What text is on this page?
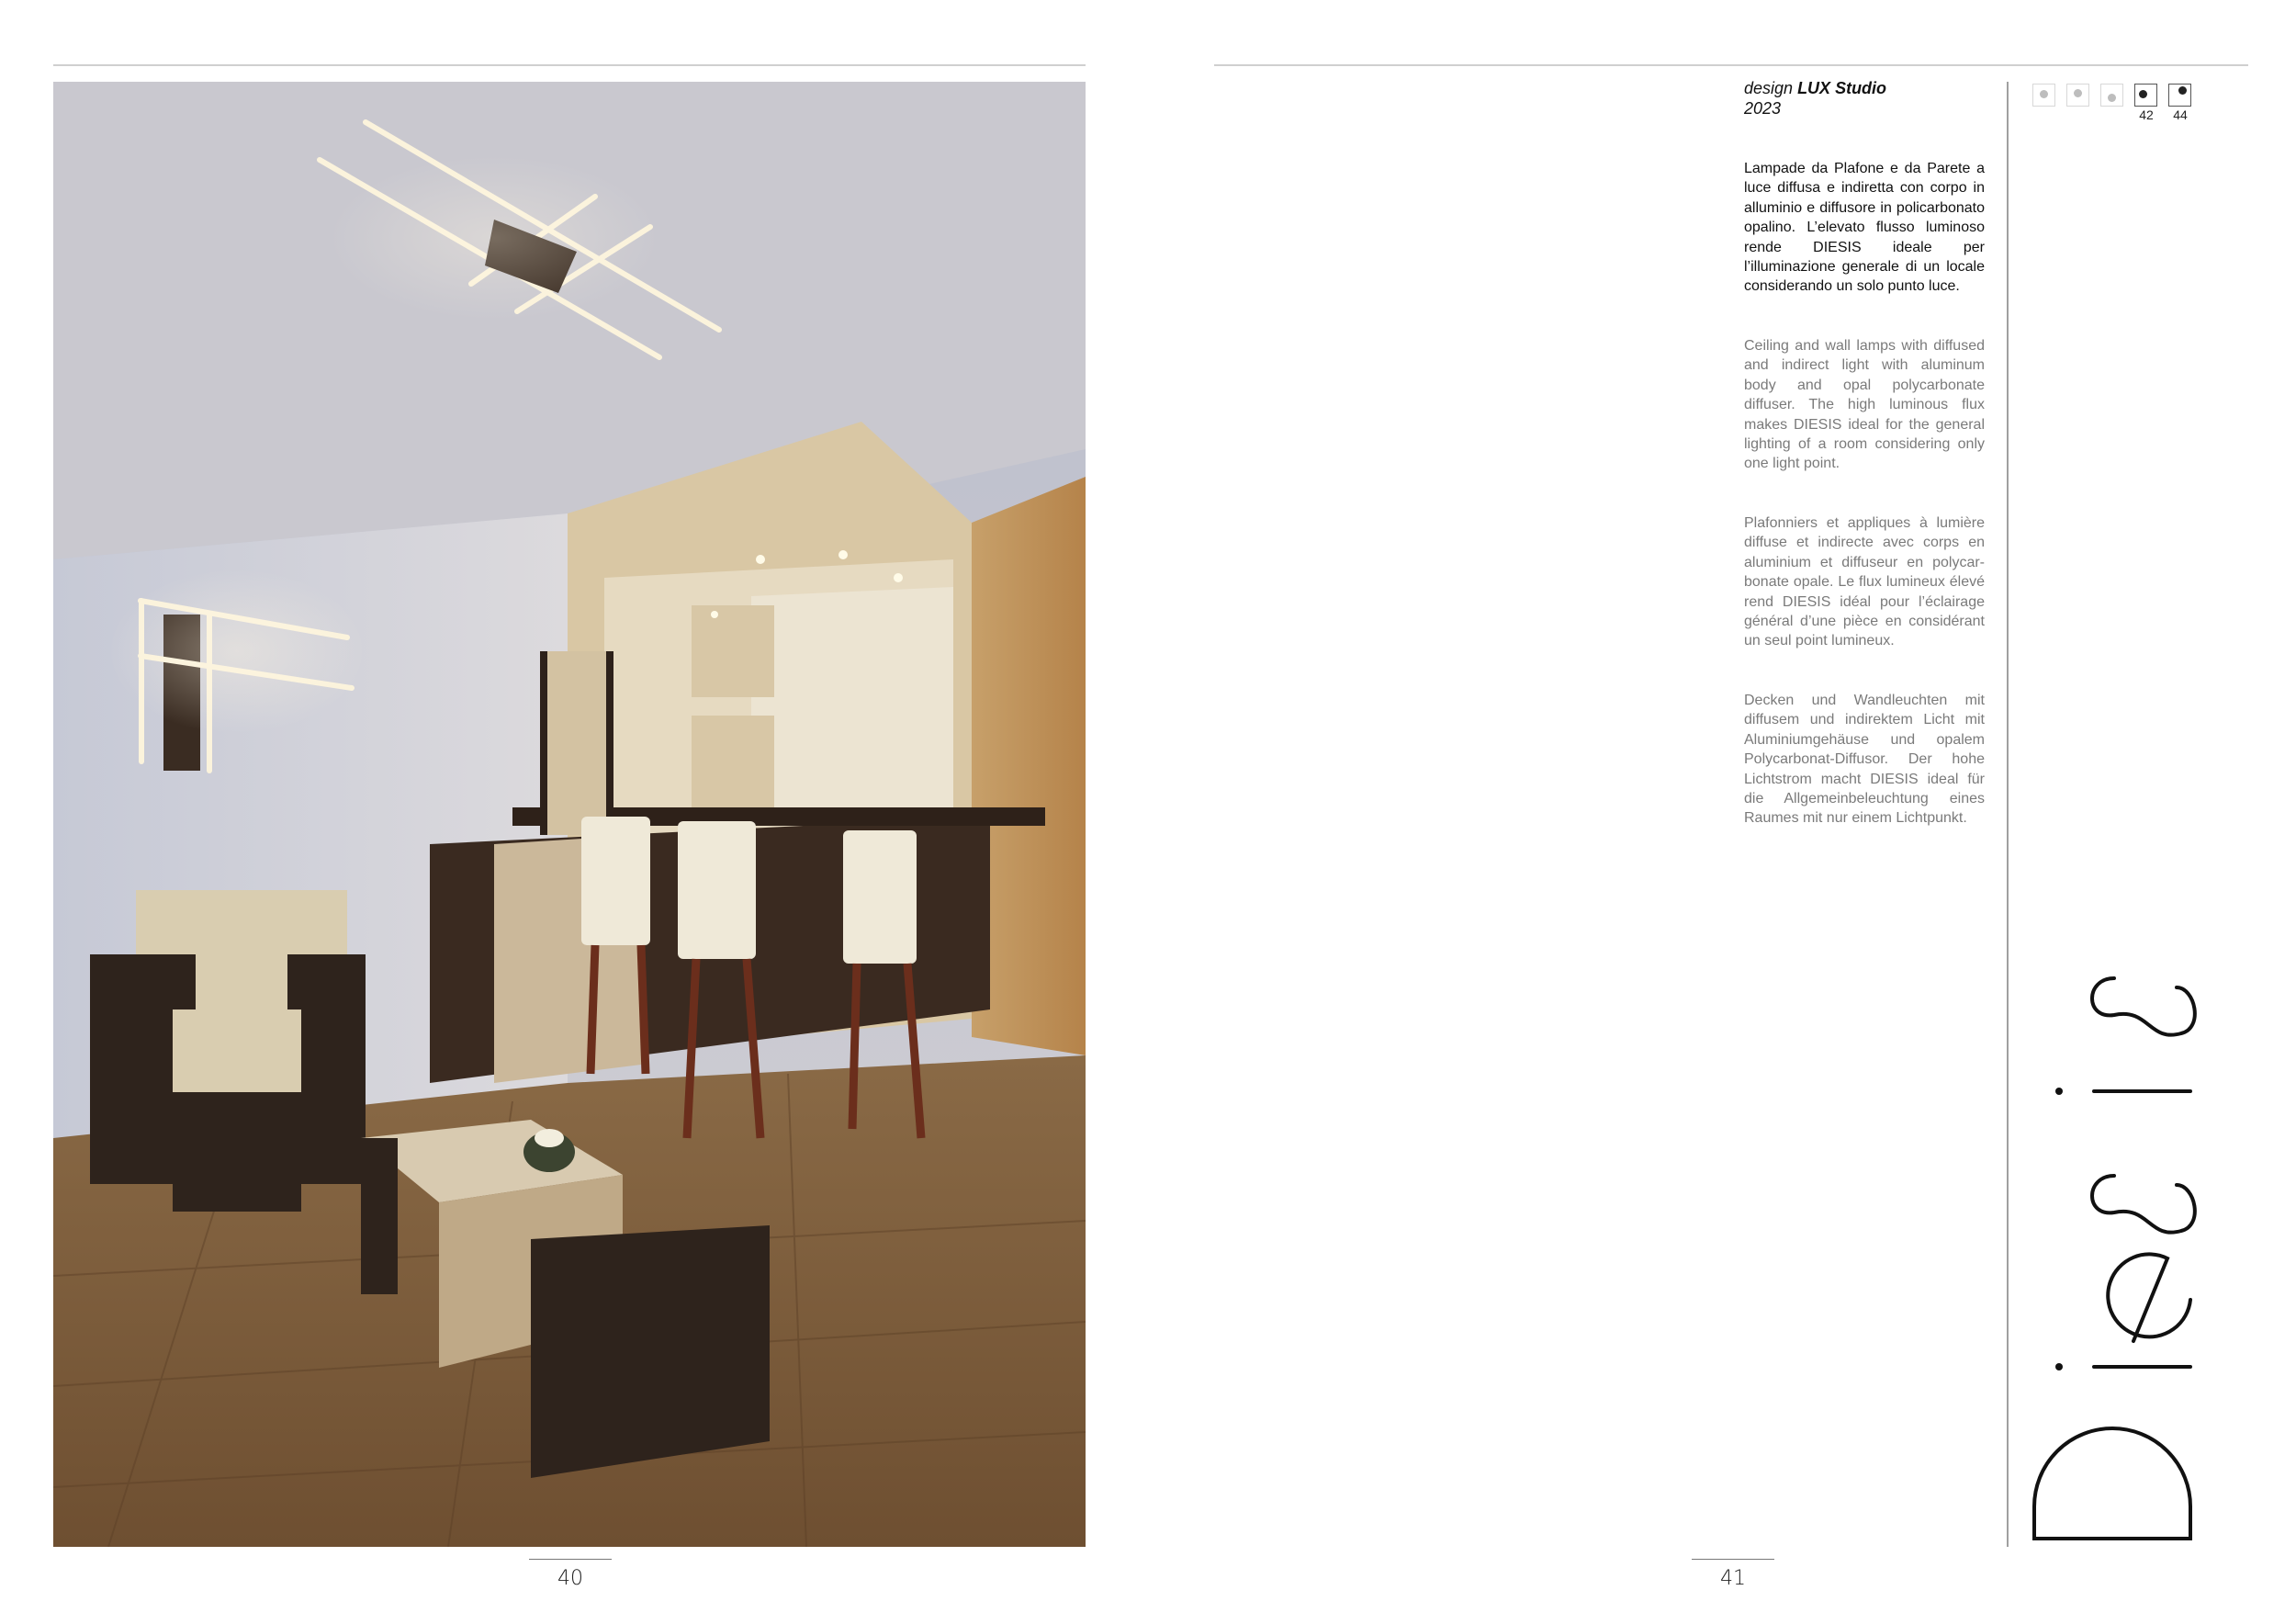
40	41
design LUX Studio
2023

Lampade da Plafone e da Parete a luce diffusa e indiretta con corpo in alluminio e diffusore in policarbonato opalino. L’elevato flusso luminoso rende DIESIS ideale per l’illuminazione generale di un locale considerando un solo punto luce.

Ceiling and wall lamps with diffused and indirect light with aluminum body and opal polycarbonate diffuser. The high luminous flux makes DIESIS ideal for the general lighting of a room considering only one light point.

Plafonniers et appliques à lumière diffuse et indirecte avec corps en aluminium et diffuseur en polycarbonate opale. Le flux lumineux élevé rend DIESIS idéal pour l’éclairage général d’une pièce en considérant un seul point lumineux.

Decken und Wandleuchten mit diffusem und indirektem Licht mit Aluminiumgehäuse und opalem Polycarbonat-Diffusor. Der hohe Lichtstrom macht DIESIS ideal für die Allgemeinbeleuchtung eines Raumes mit nur einem Lichtpunkt.

42	44
